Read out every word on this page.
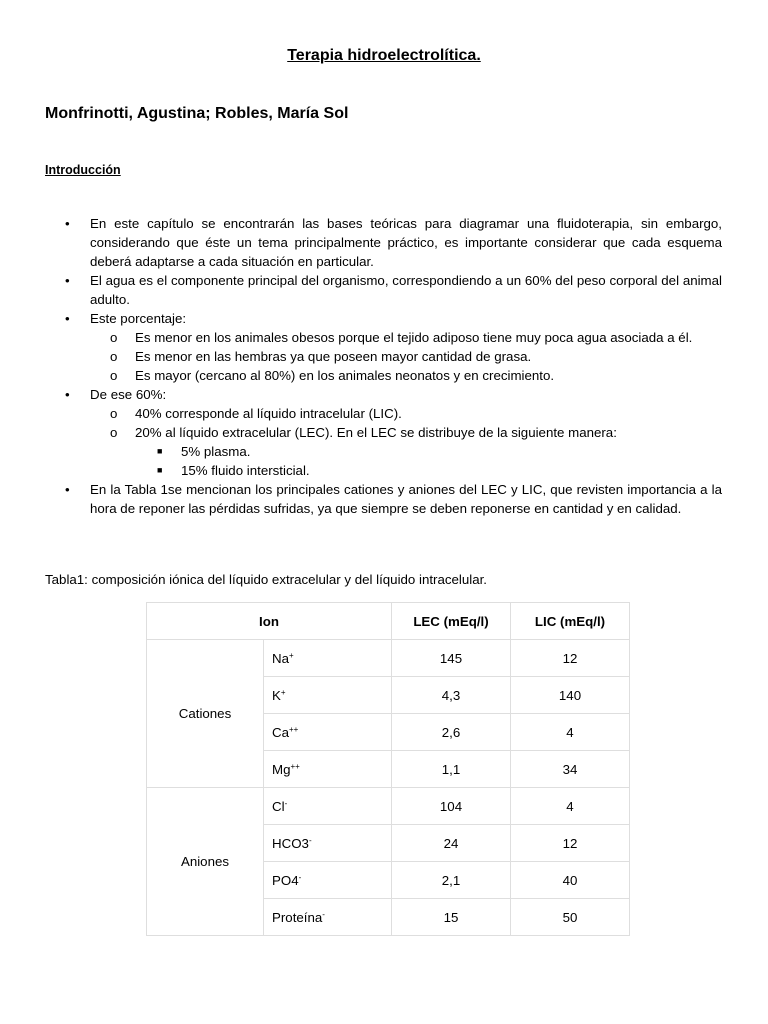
Terapia hidroelectrolítica.
Monfrinotti, Agustina; Robles, María Sol
Introducción
• En este capítulo se encontrarán las bases teóricas para diagramar una fluidoterapia, sin embargo, considerando que éste un tema principalmente práctico, es importante considerar que cada esquema deberá adaptarse a cada situación en particular.
• El agua es el componente principal del organismo, correspondiendo a un 60% del peso corporal del animal adulto.
• Este porcentaje:
o Es menor en los animales obesos porque el tejido adiposo tiene muy poca agua asociada a él.
o Es menor en las hembras ya que poseen mayor cantidad de grasa.
o Es mayor (cercano al 80%) en los animales neonatos y en crecimiento.
• De ese 60%:
o 40% corresponde al líquido intracelular (LIC).
o 20% al líquido extracelular (LEC). En el LEC se distribuye de la siguiente manera:
■ 5% plasma.
■ 15% fluido intersticial.
• En la Tabla 1se mencionan los principales cationes y aniones del LEC y LIC, que revisten importancia a la hora de reponer las pérdidas sufridas, ya que siempre se deben reponerse en cantidad y en calidad.
Tabla1: composición iónica del líquido extracelular y del líquido intracelular.
Ion		LEC (mEq/l)	LIC (mEq/l)
Cationes	Na+	145	12
	K+	4,3	140
	Ca++	2,6	4
	Mg++	1,1	34
Aniones	Cl-	104	4
	HCO3-	24	12
	PO4-	2,1	40
	Proteína-	15	50
